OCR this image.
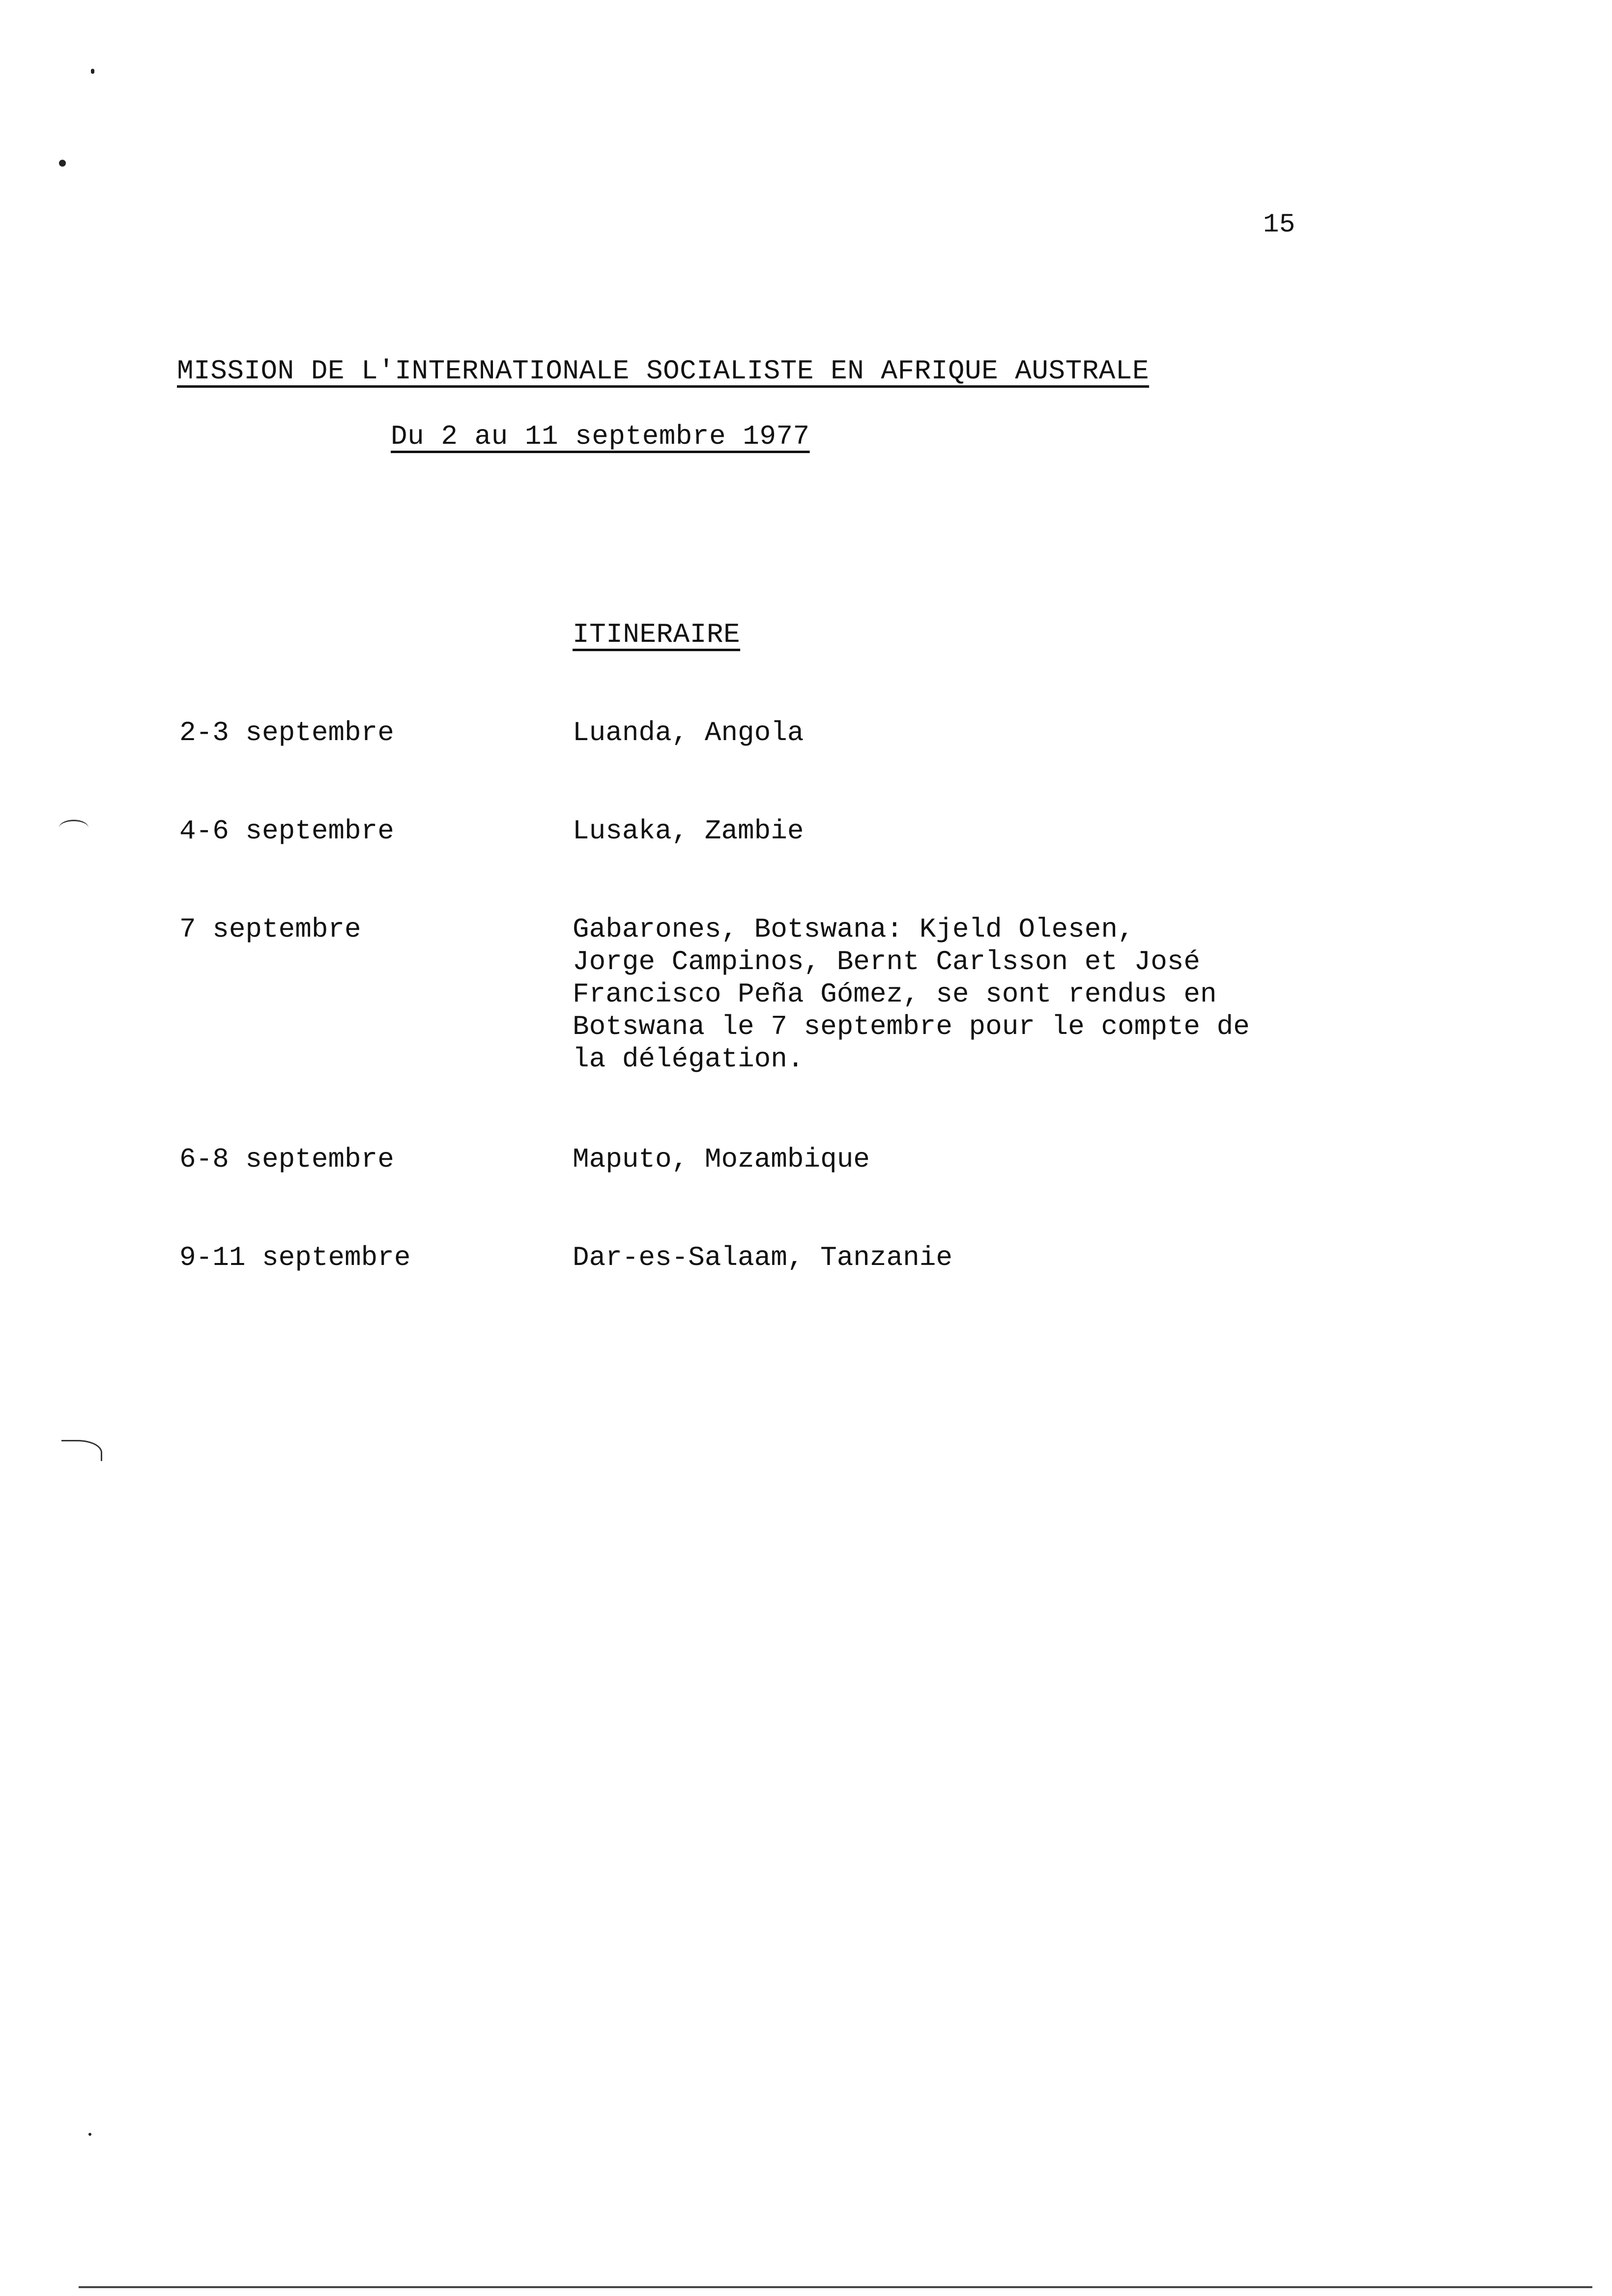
15
MISSION DE L'INTERNATIONALE SOCIALISTE EN AFRIQUE AUSTRALE
Du 2 au 11 septembre 1977
ITINERAIRE
2-3 septembre	Luanda, Angola
4-6 septembre	Lusaka, Zambie
7 septembre	Gabarones, Botswana: Kjeld Olesen,
Jorge Campinos, Bernt Carlsson et José
Francisco Peña Gómez, se sont rendus en
Botswana le 7 septembre pour le compte de
la délégation.
6-8 septembre	Maputo, Mozambique
9-11 septembre	Dar-es-Salaam, Tanzanie
